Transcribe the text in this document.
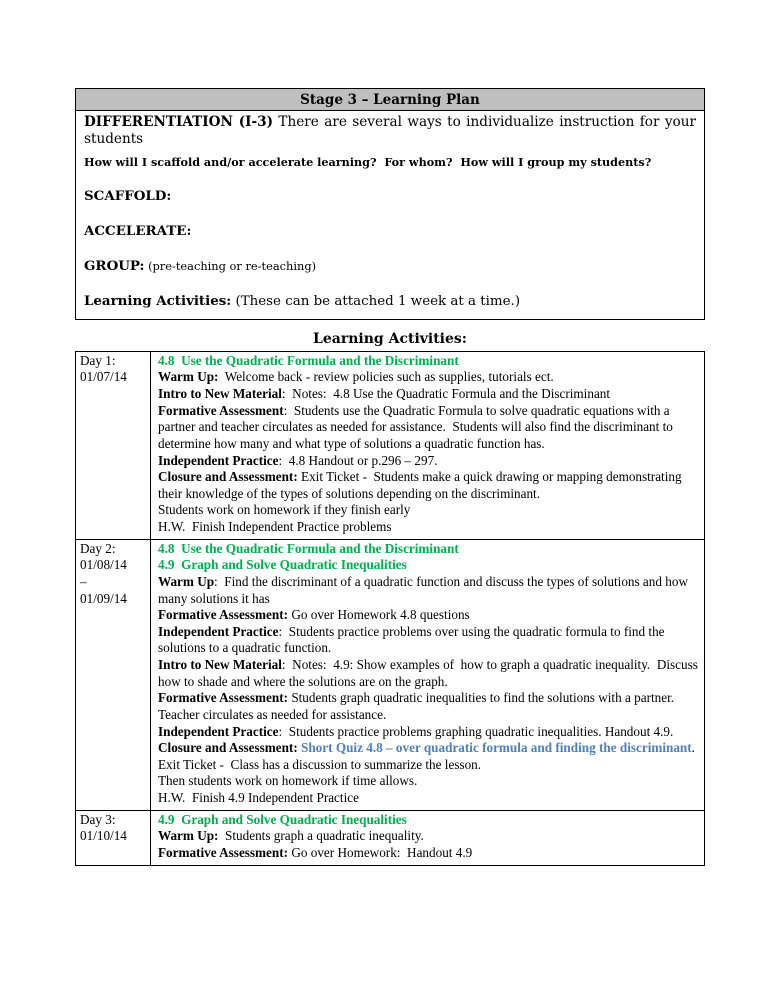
Stage 3 – Learning Plan

DIFFERENTIATION (I-3) There are several ways to individualize instruction for your students

How will I scaffold and/or accelerate learning?  For whom?  How will I group my students?

SCAFFOLD:

ACCELERATE:

GROUP: (pre-teaching or re-teaching)

Learning Activities: (These can be attached 1 week at a time.)

Learning Activities:
Day 1:
01/07/14
4.8  Use the Quadratic Formula and the Discriminant
Warm Up:  Welcome back - review policies such as supplies, tutorials ect.
Intro to New Material:  Notes:  4.8 Use the Quadratic Formula and the Discriminant
Formative Assessment:  Students use the Quadratic Formula to solve quadratic equations with a partner and teacher circulates as needed for assistance.  Students will also find the discriminant to determine how many and what type of solutions a quadratic function has.
Independent Practice:  4.8 Handout or p.296 – 297.
Closure and Assessment: Exit Ticket -  Students make a quick drawing or mapping demonstrating their knowledge of the types of solutions depending on the discriminant.
Students work on homework if they finish early
H.W.  Finish Independent Practice problems
Day 2:
01/08/14
–
01/09/14
4.8  Use the Quadratic Formula and the Discriminant
4.9  Graph and Solve Quadratic Inequalities
Warm Up:  Find the discriminant of a quadratic function and discuss the types of solutions and how many solutions it has
Formative Assessment: Go over Homework 4.8 questions
Independent Practice:  Students practice problems over using the quadratic formula to find the solutions to a quadratic function.
Intro to New Material:  Notes:  4.9: Show examples of  how to graph a quadratic inequality.  Discuss how to shade and where the solutions are on the graph.
Formative Assessment: Students graph quadratic inequalities to find the solutions with a partner. Teacher circulates as needed for assistance.
Independent Practice:  Students practice problems graphing quadratic inequalities. Handout 4.9.
Closure and Assessment: Short Quiz 4.8 – over quadratic formula and finding the discriminant.  Exit Ticket -  Class has a discussion to summarize the lesson.
Then students work on homework if time allows.
H.W.  Finish 4.9 Independent Practice
Day 3:
01/10/14
4.9  Graph and Solve Quadratic Inequalities
Warm Up:  Students graph a quadratic inequality.
Formative Assessment: Go over Homework:  Handout 4.9
